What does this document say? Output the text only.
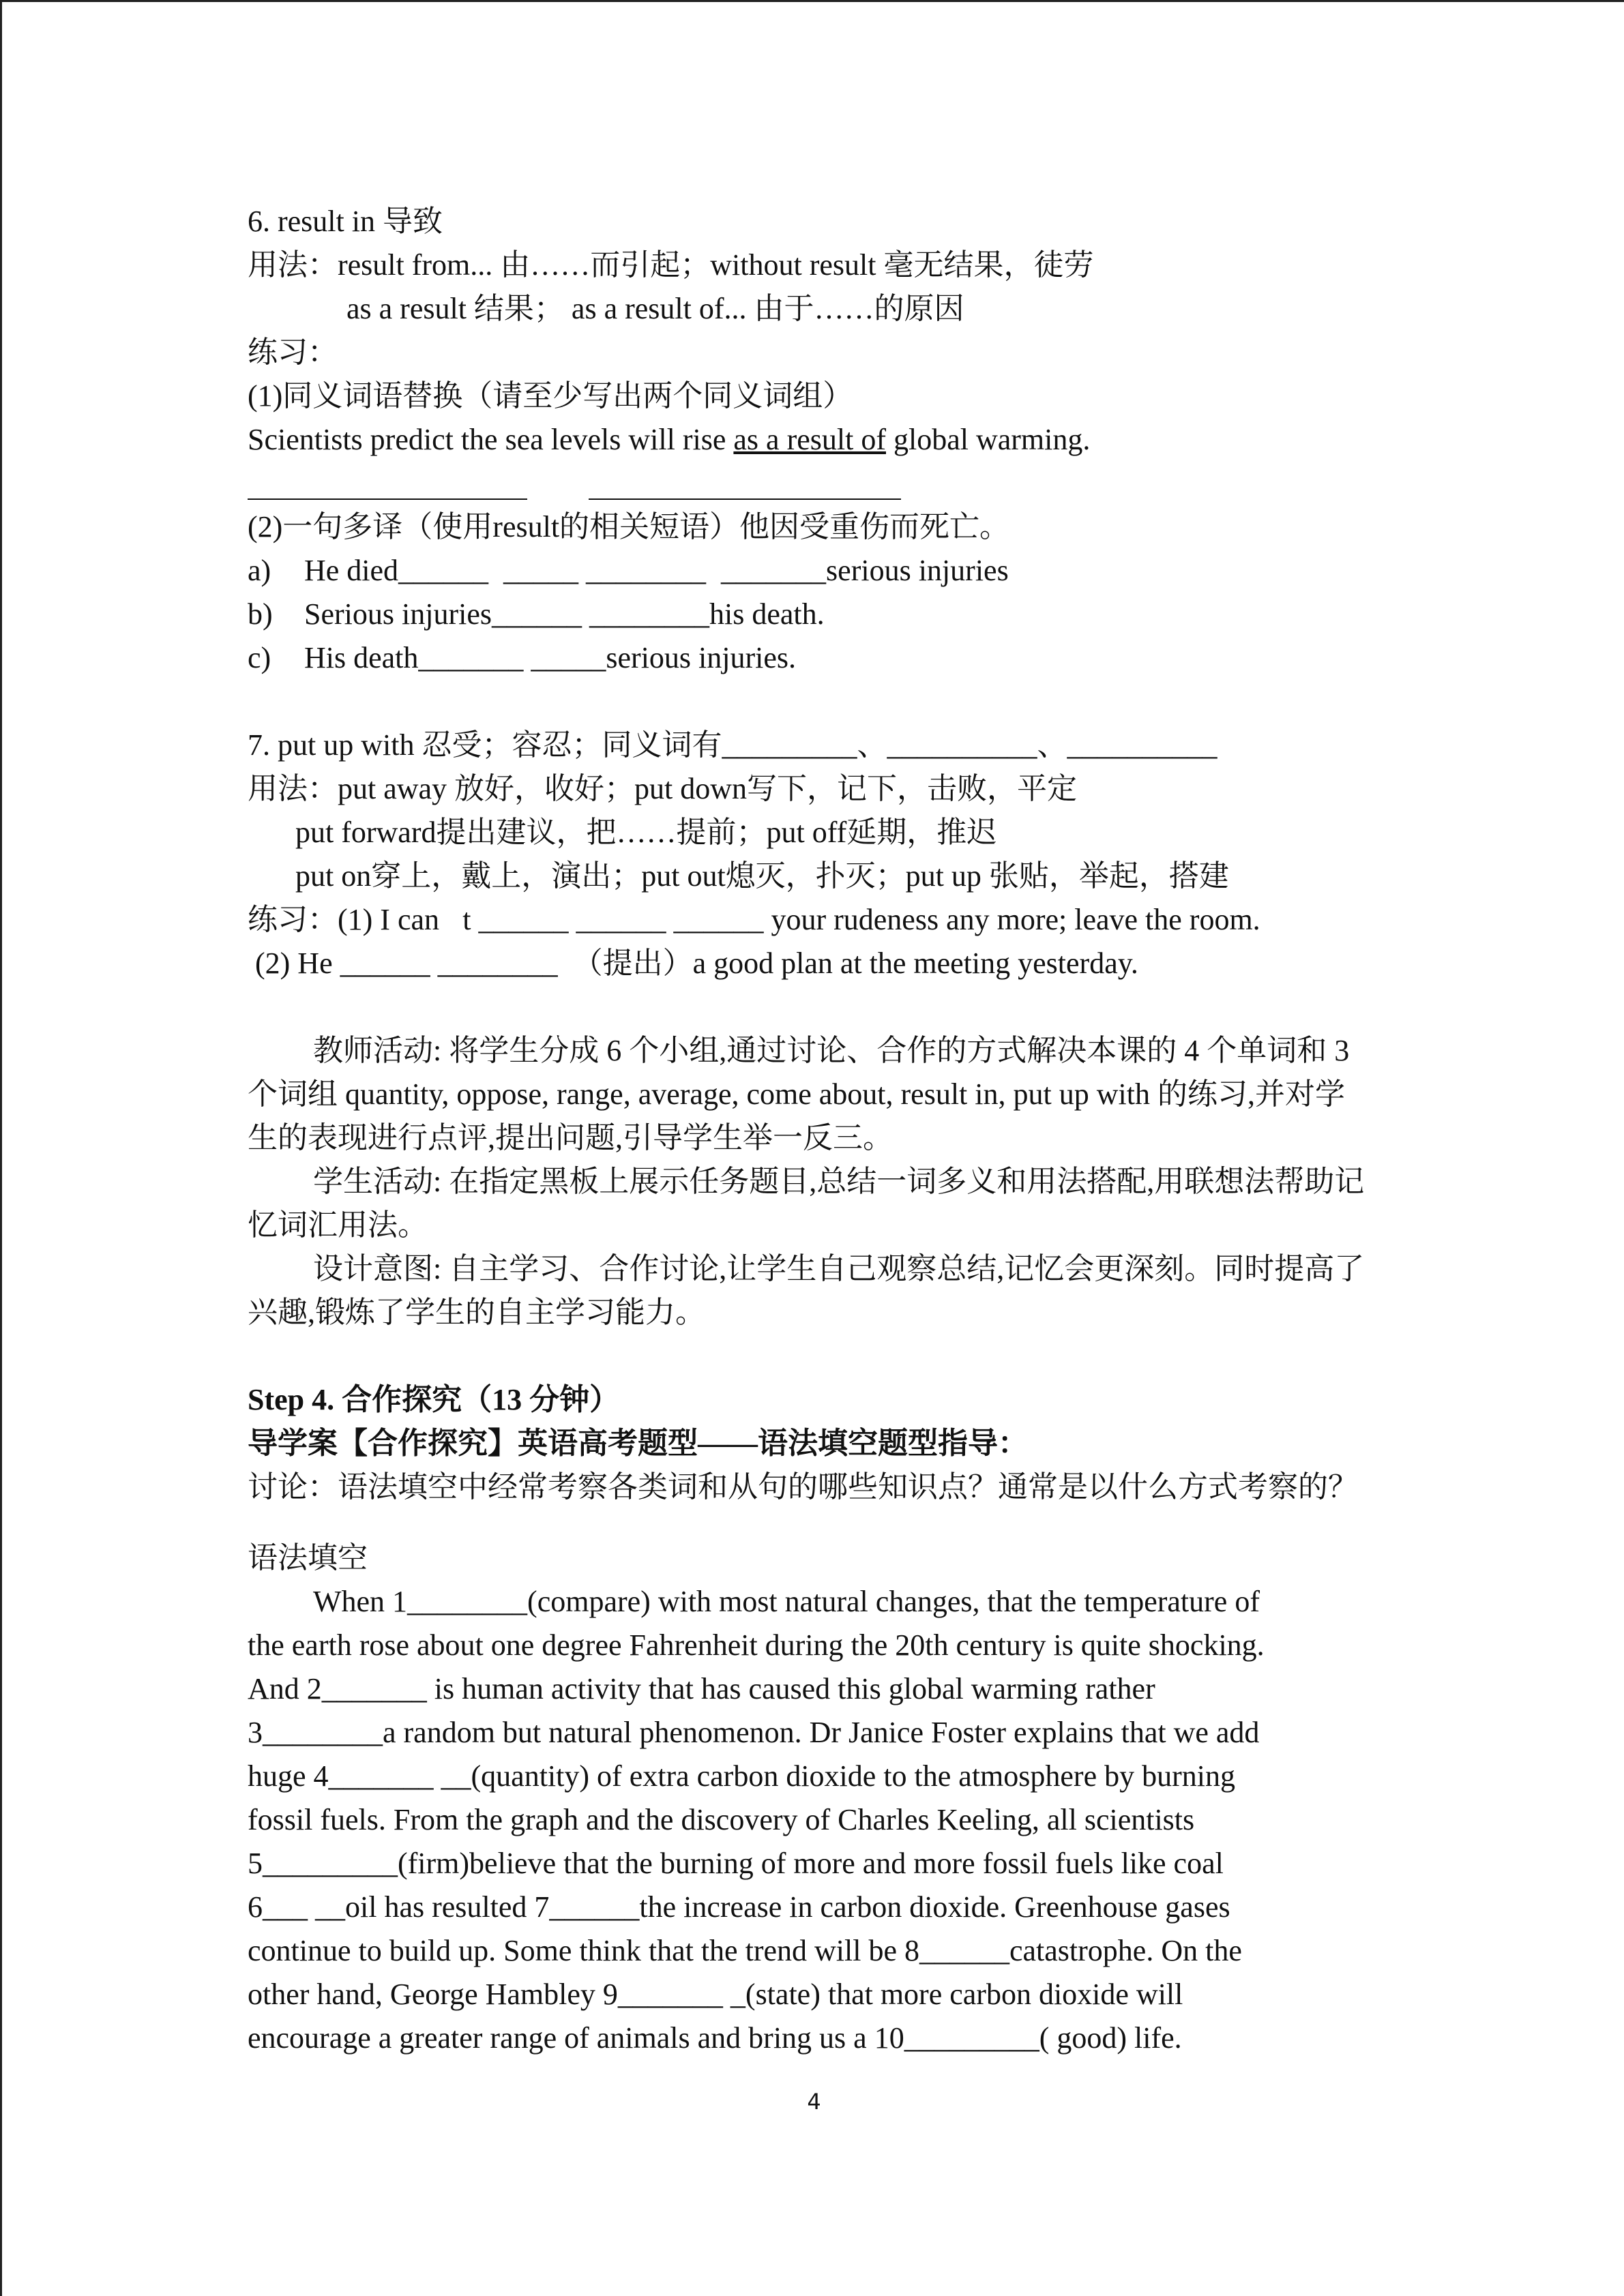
6. result in 导致
用法：result from... 由……而引起；without result 毫无结果，徒劳
as a result 结果； as a result of... 由于……的原因
练习：
(1)同义词语替换（请至少写出两个同义词组）
Scientists predict the sea levels will rise as a result of global warming.
(2)一句多译（使用result的相关短语）他因受重伤而死亡。
a)	He died______  _____ ________  _______serious injuries
b)	Serious injuries______ ________his death.
c)	His death_______ _____serious injuries.
7. put up with 忍受；容忍；同义词有_________、__________、__________
用法：put away 放好，收好；put down写下，记下，击败，平定
put forward提出建议，把……提前；put off延期，推迟
put on穿上，戴上，演出；put out熄灭，扑灭；put up 张贴，举起，搭建
练习：(1) I can t ______ ______ ______ your rudeness any more; leave the room.
(2) He ______ ________  （提出）a good plan at the meeting yesterday.
教师活动: 将学生分成 6 个小组,通过讨论、合作的方式解决本课的 4 个单词和 3 个词组 quantity, oppose, range, average, come about, result in, put up with 的练习,并对学生的表现进行点评,提出问题,引导学生举一反三。
学生活动: 在指定黑板上展示任务题目,总结一词多义和用法搭配,用联想法帮助记忆词汇用法。
设计意图: 自主学习、合作讨论,让学生自己观察总结,记忆会更深刻。同时提高了兴趣,锻炼了学生的自主学习能力。
Step 4. 合作探究（13 分钟）
导学案【合作探究】英语高考题型——语法填空题型指导：
讨论：语法填空中经常考察各类词和从句的哪些知识点？通常是以什么方式考察的？
语法填空
When 1________(compare) with most natural changes, that the temperature of
the earth rose about one degree Fahrenheit during the 20th century is quite shocking.
And 2_______ is human activity that has caused this global warming rather
3________a random but natural phenomenon. Dr Janice Foster explains that we add
huge 4_______ __(quantity) of extra carbon dioxide to the atmosphere by burning
fossil fuels. From the graph and the discovery of Charles Keeling, all scientists
5_________(firm)believe that the burning of more and more fossil fuels like coal
6___ __oil has resulted 7______the increase in carbon dioxide. Greenhouse gases
continue to build up. Some think that the trend will be 8______catastrophe. On the
other hand, George Hambley 9_______ _(state) that more carbon dioxide will
encourage a greater range of animals and bring us a 10_________( good) life.
4
